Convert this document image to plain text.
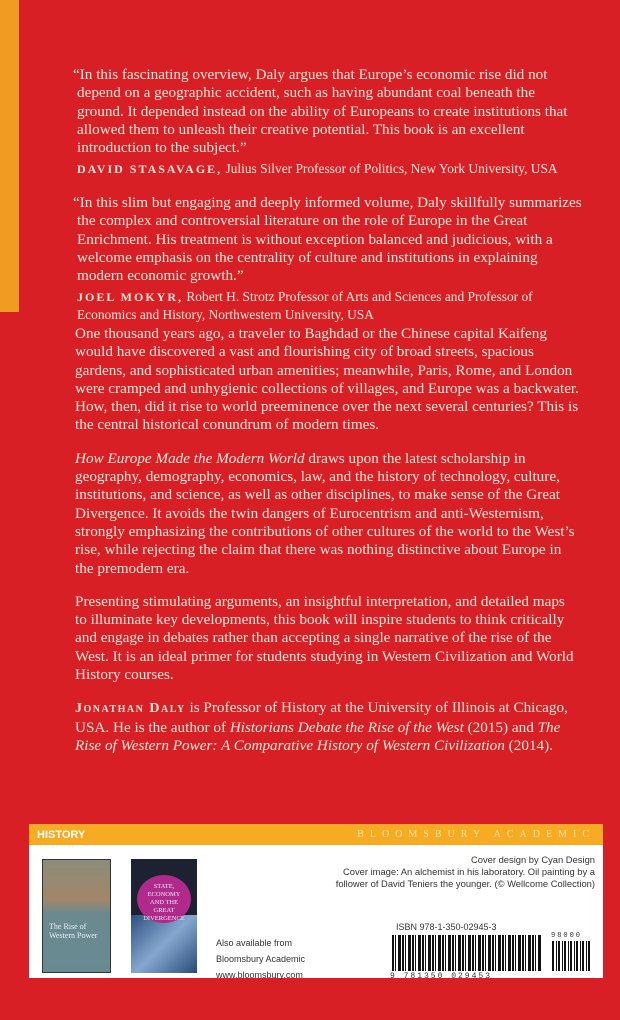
“In this fascinating overview, Daly argues that Europe’s economic rise did not depend on a geographic accident, such as having abundant coal beneath the ground. It depended instead on the ability of Europeans to create institutions that allowed them to unleash their creative potential. This book is an excellent introduction to the subject.”

DAVID STASAVAGE, Julius Silver Professor of Politics, New York University, USA

“In this slim but engaging and deeply informed volume, Daly skillfully summarizes the complex and controversial literature on the role of Europe in the Great Enrichment. His treatment is without exception balanced and judicious, with a welcome emphasis on the centrality of culture and institutions in explaining modern economic growth.”

JOEL MOKYR, Robert H. Strotz Professor of Arts and Sciences and Professor of Economics and History, Northwestern University, USA

One thousand years ago, a traveler to Baghdad or the Chinese capital Kaifeng would have discovered a vast and flourishing city of broad streets, spacious gardens, and sophisticated urban amenities; meanwhile, Paris, Rome, and London were cramped and unhygienic collections of villages, and Europe was a backwater. How, then, did it rise to world preeminence over the next several centuries? This is the central historical conundrum of modern times.

How Europe Made the Modern World draws upon the latest scholarship in geography, demography, economics, law, and the history of technology, culture, institutions, and science, as well as other disciplines, to make sense of the Great Divergence. It avoids the twin dangers of Eurocentrism and anti-Westernism, strongly emphasizing the contributions of other cultures of the world to the West’s rise, while rejecting the claim that there was nothing distinctive about Europe in the premodern era.

Presenting stimulating arguments, an insightful interpretation, and detailed maps to illuminate key developments, this book will inspire students to think critically and engage in debates rather than accepting a single narrative of the rise of the West. It is an ideal primer for students studying in Western Civilization and World History courses.

Jonathan Daly is Professor of History at the University of Illinois at Chicago, USA. He is the author of Historians Debate the Rise of the West (2015) and The Rise of Western Power: A Comparative History of Western Civilization (2014).

HISTORY	BLOOMSBURY ACADEMIC
The Rise of Western Power
STATE, ECONOMY AND THE GREAT DIVERGENCE
Also available from
Bloomsbury Academic
www.bloomsbury.com
Cover design by Cyan Design
Cover image: An alchemist in his laboratory. Oil painting by a
follower of David Teniers the younger. (© Wellcome Collection)
ISBN 978-1-350-02945-3
98000
9 781350 029453
